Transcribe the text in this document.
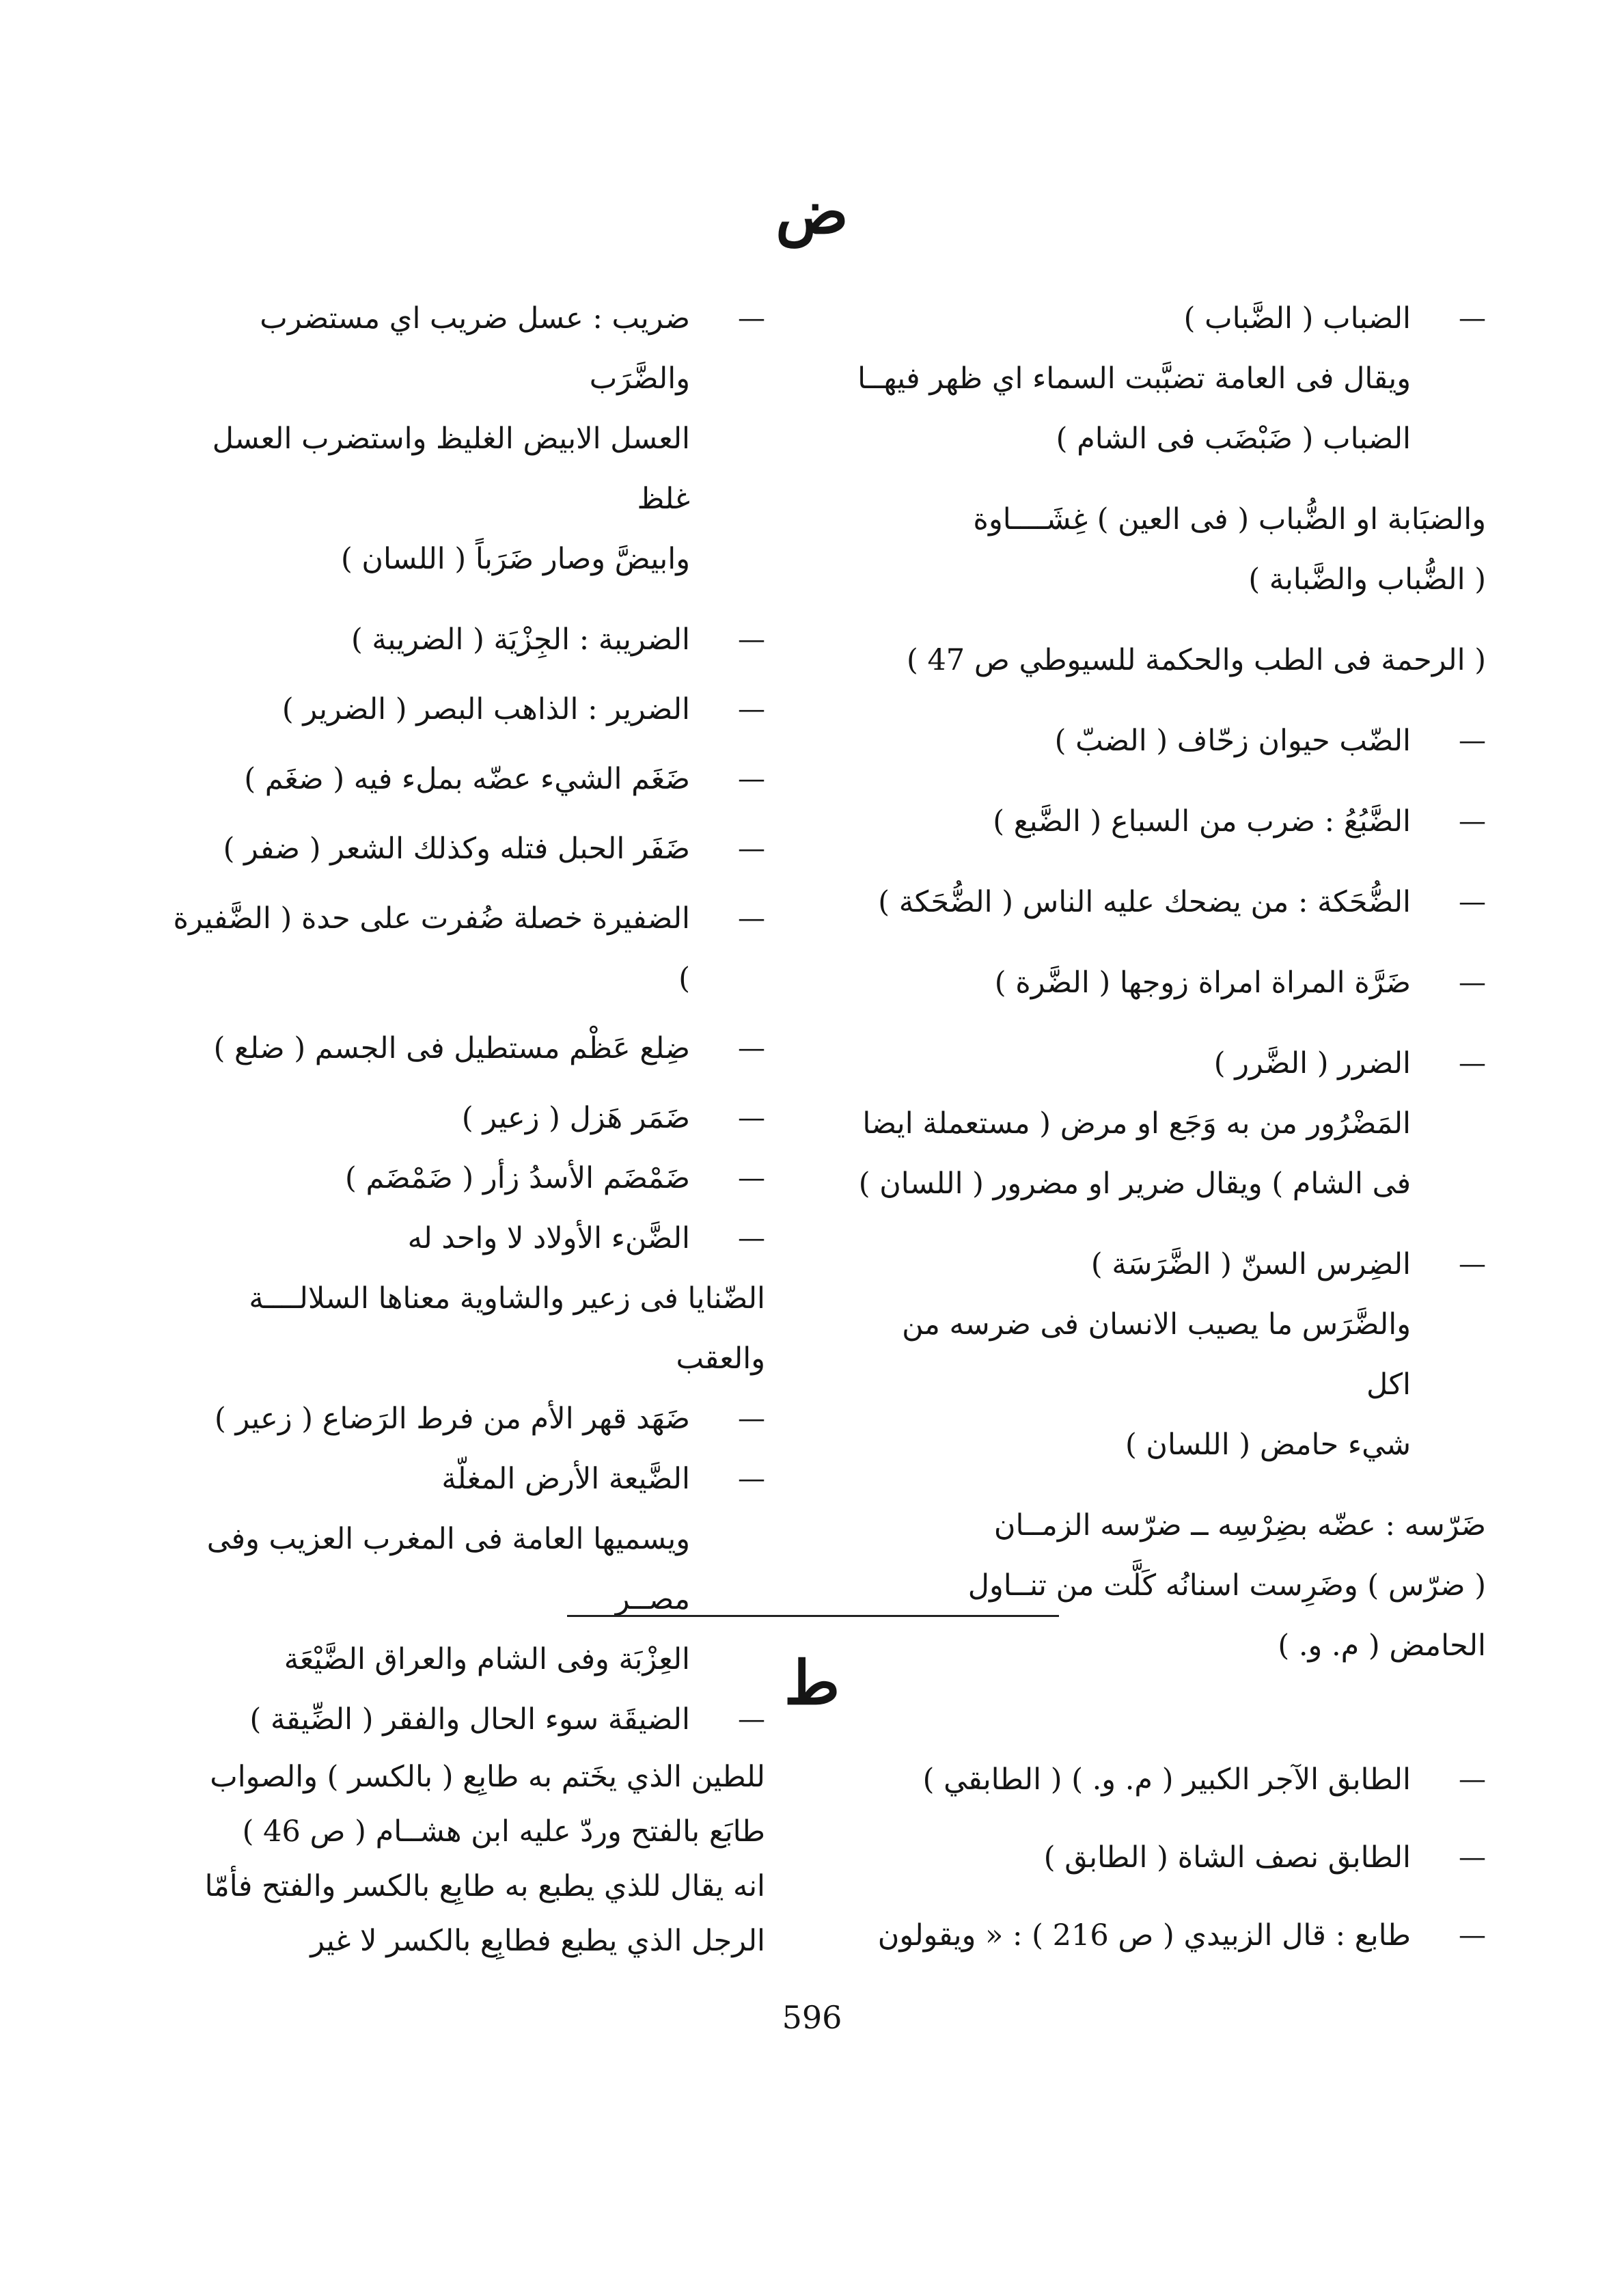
ض
— الضباب ( الضَّباب )
ويقال فى العامة تضبَّبت السماء اي ظهر فيهــا
الضباب ( ضَبْضَب فى الشام )
والضبَابة او الضُّباب ( فى العين ) غِشَــــاوة
( الضُّباب والضَّبابة )
( الرحمة فى الطب والحكمة للسيوطي ص 47 )
— الضّب حيوان زحّاف ( الضبّ )
— الضَّبُعُ : ضرب من السباع ( الضَّبع )
— الضُّحَكة : من يضحك عليه الناس ( الضُّحَكة )
— ضَرَّة المراة امراة زوجها ( الضَّرة )
— الضرر ( الضَّرر )
المَضْرُور من به وَجَع او مرض ( مستعملة ايضا
فى الشام ) ويقال ضرير او مضرور ( اللسان )
— الضِرس السنّ ( الضَّرَسَة )
والضَّرَس ما يصيب الانسان فى ضرسه من اكل
شيء حامض ( اللسان )
ضَرّسه : عضّه بضِرْسِه ــ ضرّسه الزمــان
( ضرّس ) وضَرِست اسنانُه كَلَّت من تنــاول
الحامض ( م. و. )
— ضريب : عسل ضريب اي مستضرب والضَّرَب
العسل الابيض الغليظ واستضرب العسل غلظ
وابيضَّ وصار ضَرَباً ( اللسان )
— الضريبة : الجِزْيَة ( الضريبة )
— الضرير : الذاهب البصر ( الضرير )
— ضَغَم الشيء عضّه بملء فيه ( ضغَم )
— ضَفَر الحبل فتله وكذلك الشعر ( ضفر )
— الضفيرة خصلة ضُفرت على حدة ( الضَّفيرة )
— ضِلع عَظْم مستطيل فى الجسم ( ضلع )
— ضَمَر هَزل ( زعير )
— ضَمْضَم الأسدُ زأر ( ضَمْضَم )
— الضَّنء الأولاد لا واحد له
الضّنايا فى زعير والشاوية معناها السلالــــة
والعقب
— ضَهَد قهر الأم من فرط الرَضاع ( زعير )
— الضَّيعة الأرض المغلّة
ويسميها العامة فى المغرب العزيب وفى مصــر
العِزْبَة وفى الشام والعراق الضَّيْعَة
— الضيقَة سوء الحال والفقر ( الضِّيقة )
ط
— الطابق الآجر الكبير ( م. و. ) ( الطابقي )
— الطابق نصف الشاة ( الطابق )
— طابع : قال الزبيدي ( ص 216 ) : « ويقولون
للطين الذي يخَتم به طابِع ( بالكسر ) والصواب
طابَع بالفتح وردّ عليه ابن هشــام ( ص 46 )
انه يقال للذي يطبع به طابِع بالكسر والفتح فأمّا
الرجل الذي يطبع فطابِع بالكسر لا غير
596
